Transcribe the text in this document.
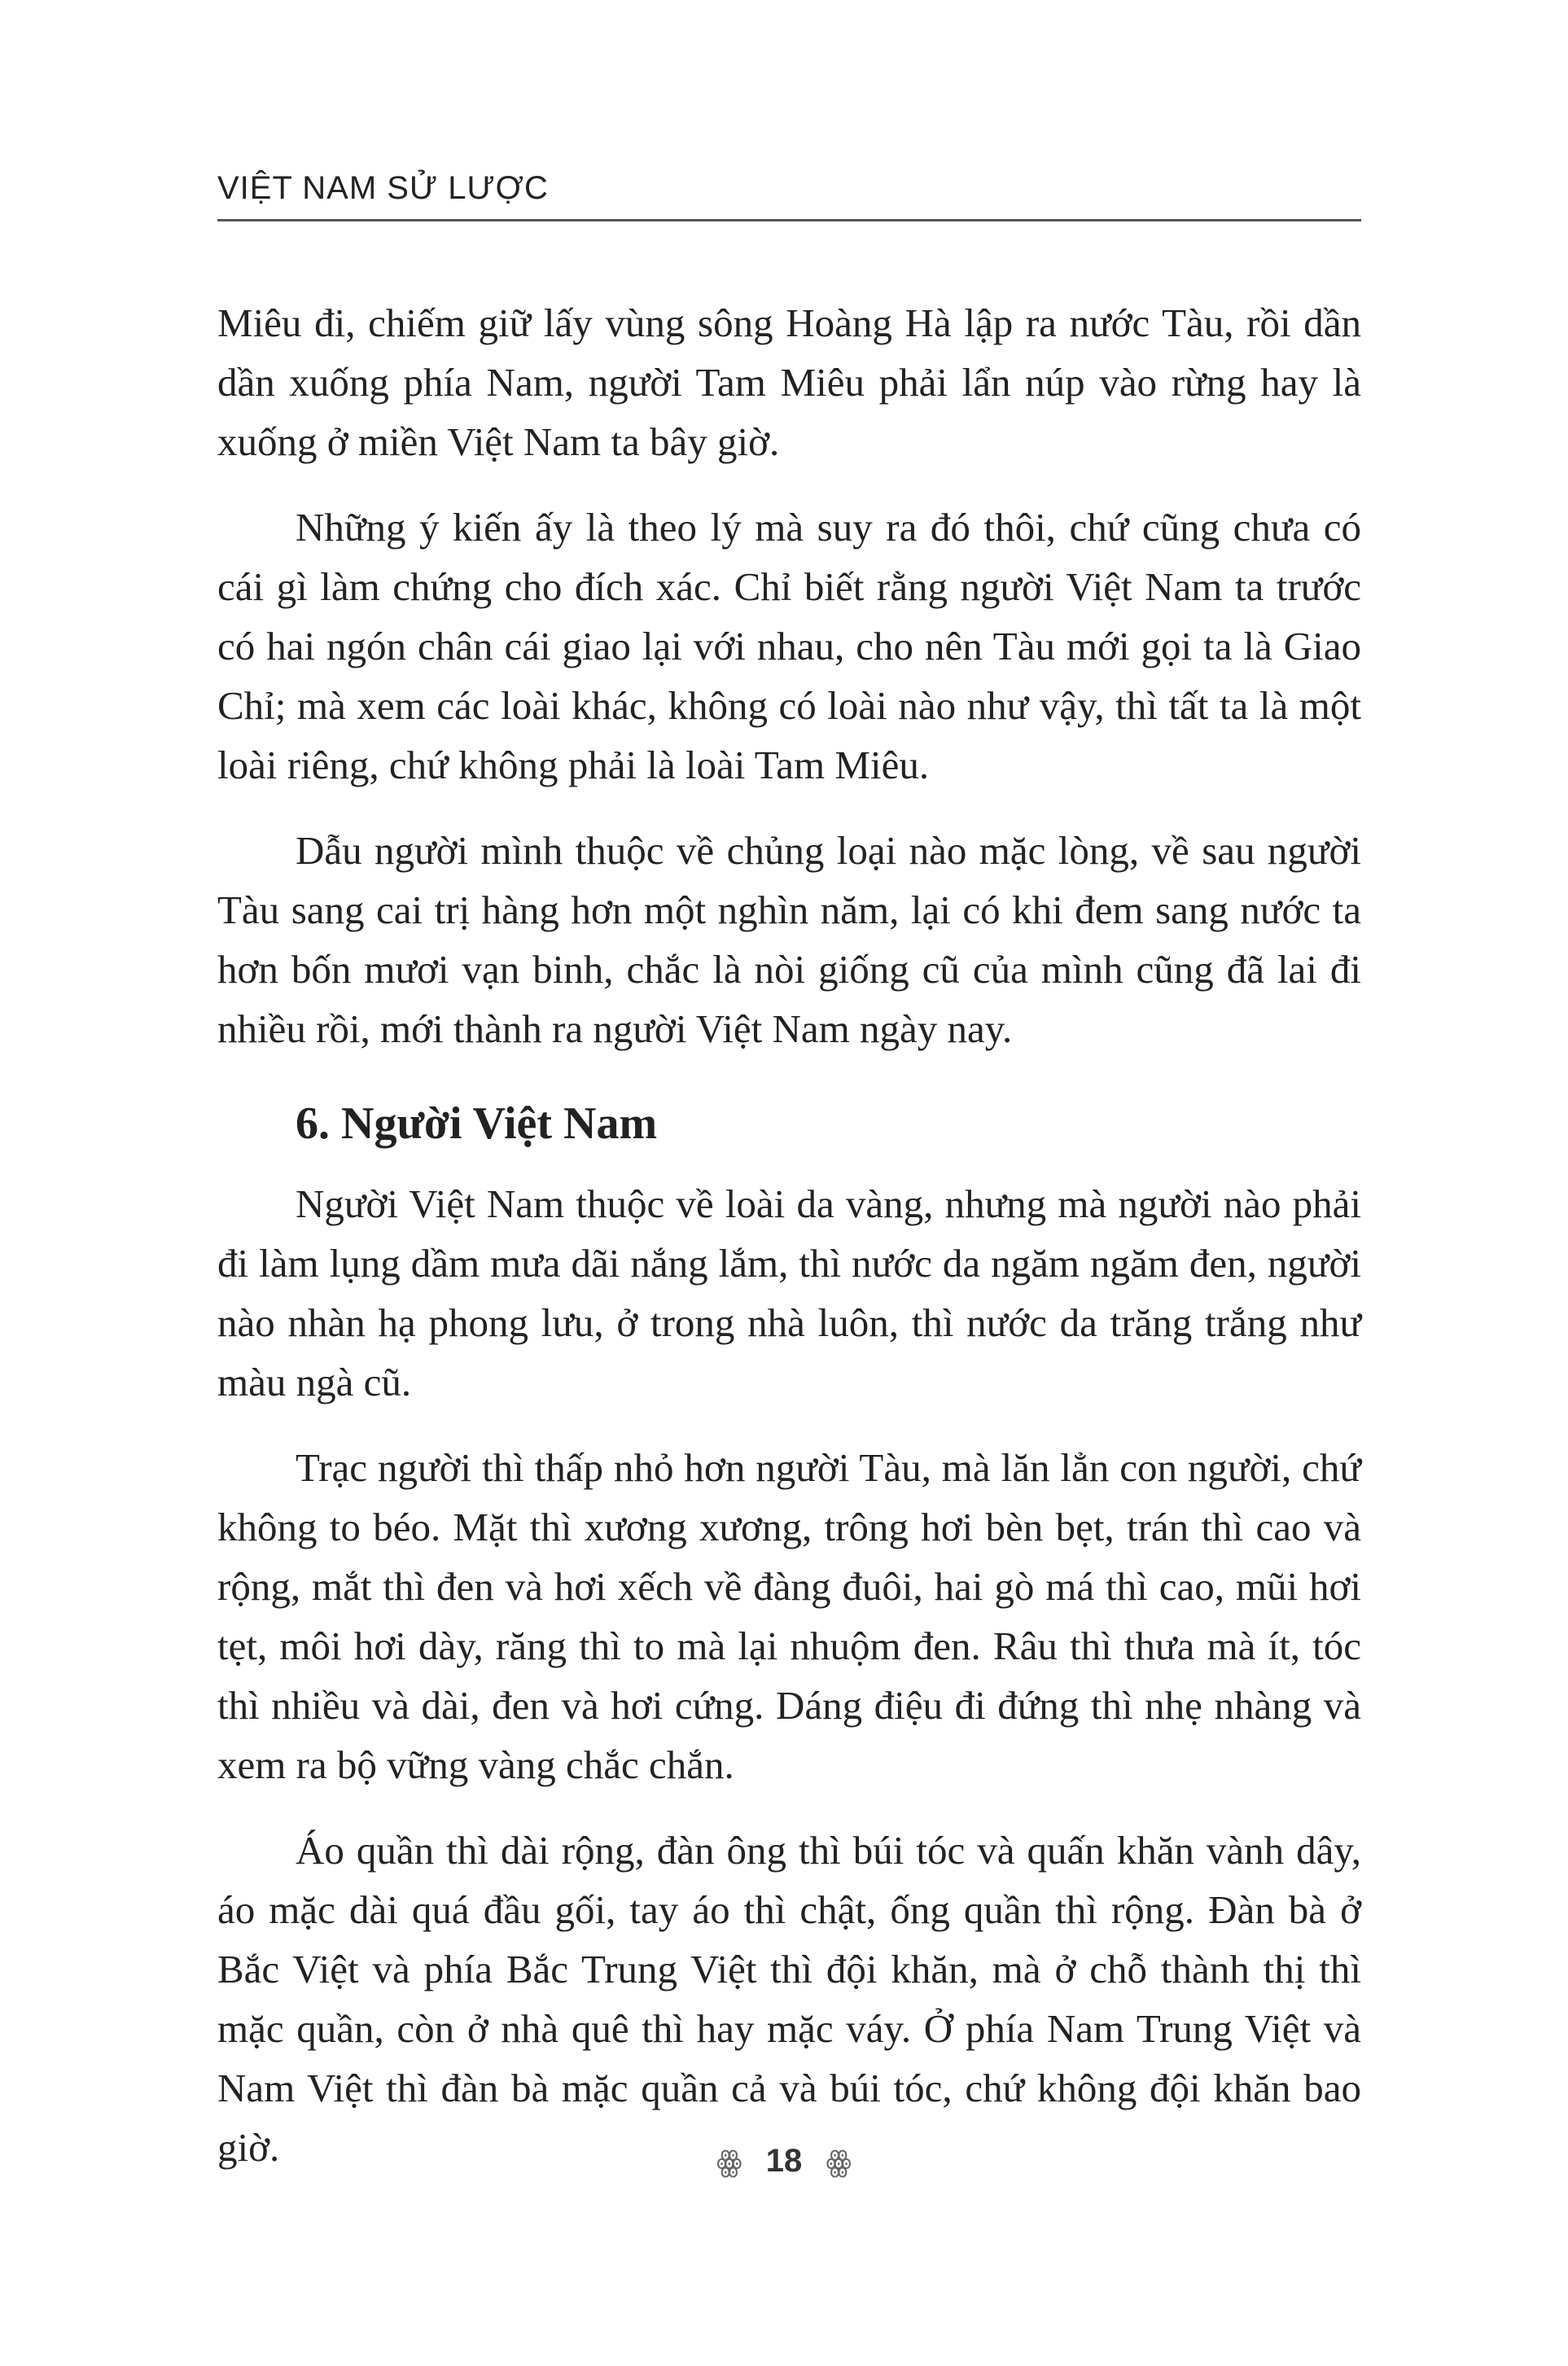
VIỆT NAM SỬ LƯỢC

Miêu đi, chiếm giữ lấy vùng sông Hoàng Hà lập ra nước Tàu, rồi dần dần xuống phía Nam, người Tam Miêu phải lẩn núp vào rừng hay là xuống ở miền Việt Nam ta bây giờ.

Những ý kiến ấy là theo lý mà suy ra đó thôi, chứ cũng chưa có cái gì làm chứng cho đích xác. Chỉ biết rằng người Việt Nam ta trước có hai ngón chân cái giao lại với nhau, cho nên Tàu mới gọi ta là Giao Chỉ; mà xem các loài khác, không có loài nào như vậy, thì tất ta là một loài riêng, chứ không phải là loài Tam Miêu.

Dẫu người mình thuộc về chủng loại nào mặc lòng, về sau người Tàu sang cai trị hàng hơn một nghìn năm, lại có khi đem sang nước ta hơn bốn mươi vạn binh, chắc là nòi giống cũ của mình cũng đã lai đi nhiều rồi, mới thành ra người Việt Nam ngày nay.

6. Người Việt Nam

Người Việt Nam thuộc về loài da vàng, nhưng mà người nào phải đi làm lụng dầm mưa dãi nắng lắm, thì nước da ngăm ngăm đen, người nào nhàn hạ phong lưu, ở trong nhà luôn, thì nước da trăng trắng như màu ngà cũ.

Trạc người thì thấp nhỏ hơn người Tàu, mà lăn lẳn con người, chứ không to béo. Mặt thì xương xương, trông hơi bèn bẹt, trán thì cao và rộng, mắt thì đen và hơi xếch về đàng đuôi, hai gò má thì cao, mũi hơi tẹt, môi hơi dày, răng thì to mà lại nhuộm đen. Râu thì thưa mà ít, tóc thì nhiều và dài, đen và hơi cứng. Dáng điệu đi đứng thì nhẹ nhàng và xem ra bộ vững vàng chắc chắn.

Áo quần thì dài rộng, đàn ông thì búi tóc và quấn khăn vành dây, áo mặc dài quá đầu gối, tay áo thì chật, ống quần thì rộng. Đàn bà ở Bắc Việt và phía Bắc Trung Việt thì đội khăn, mà ở chỗ thành thị thì mặc quần, còn ở nhà quê thì hay mặc váy. Ở phía Nam Trung Việt và Nam Việt thì đàn bà mặc quần cả và búi tóc, chứ không đội khăn bao giờ.	ꙮ 18 ꙮ
